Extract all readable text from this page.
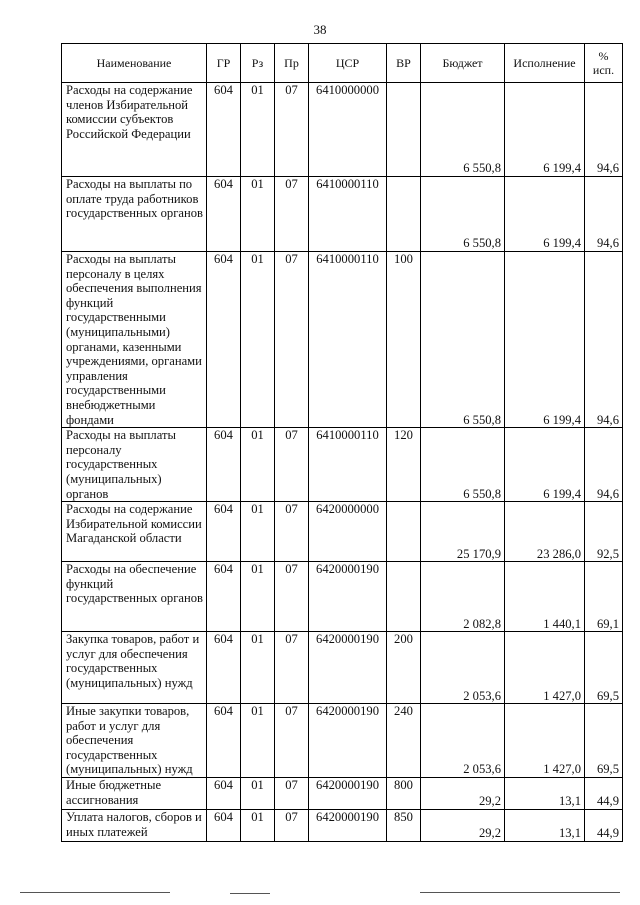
38
Наименование	ГР	Рз	Пр	ЦСР	ВР	Бюджет	Исполнение	%
исп.

Расходы на содержание членов Избирательной комиссии субъектов Российской Федерации	604	01	07	6410000000		6 550,8	6 199,4	94,6
Расходы на выплаты по оплате труда работников государственных органов	604	01	07	6410000110		6 550,8	6 199,4	94,6
Расходы на выплаты персоналу в целях обеспечения выполнения функций государственными (муниципальными) органами, казенными учреждениями, органами управления государственными внебюджетными фондами	604	01	07	6410000110	100	6 550,8	6 199,4	94,6
Расходы на выплаты персоналу государственных (муниципальных) органов	604	01	07	6410000110	120	6 550,8	6 199,4	94,6
Расходы на содержание Избирательной комиссии Магаданской области	604	01	07	6420000000		25 170,9	23 286,0	92,5
Расходы на обеспечение функций государственных органов	604	01	07	6420000190		2 082,8	1 440,1	69,1
Закупка товаров, работ и услуг для обеспечения государственных (муниципальных) нужд	604	01	07	6420000190	200	2 053,6	1 427,0	69,5
Иные закупки товаров, работ и услуг для обеспечения государственных (муниципальных) нужд	604	01	07	6420000190	240	2 053,6	1 427,0	69,5
Иные бюджетные ассигнования	604	01	07	6420000190	800	29,2	13,1	44,9
Уплата налогов, сборов и иных платежей	604	01	07	6420000190	850	29,2	13,1	44,9
